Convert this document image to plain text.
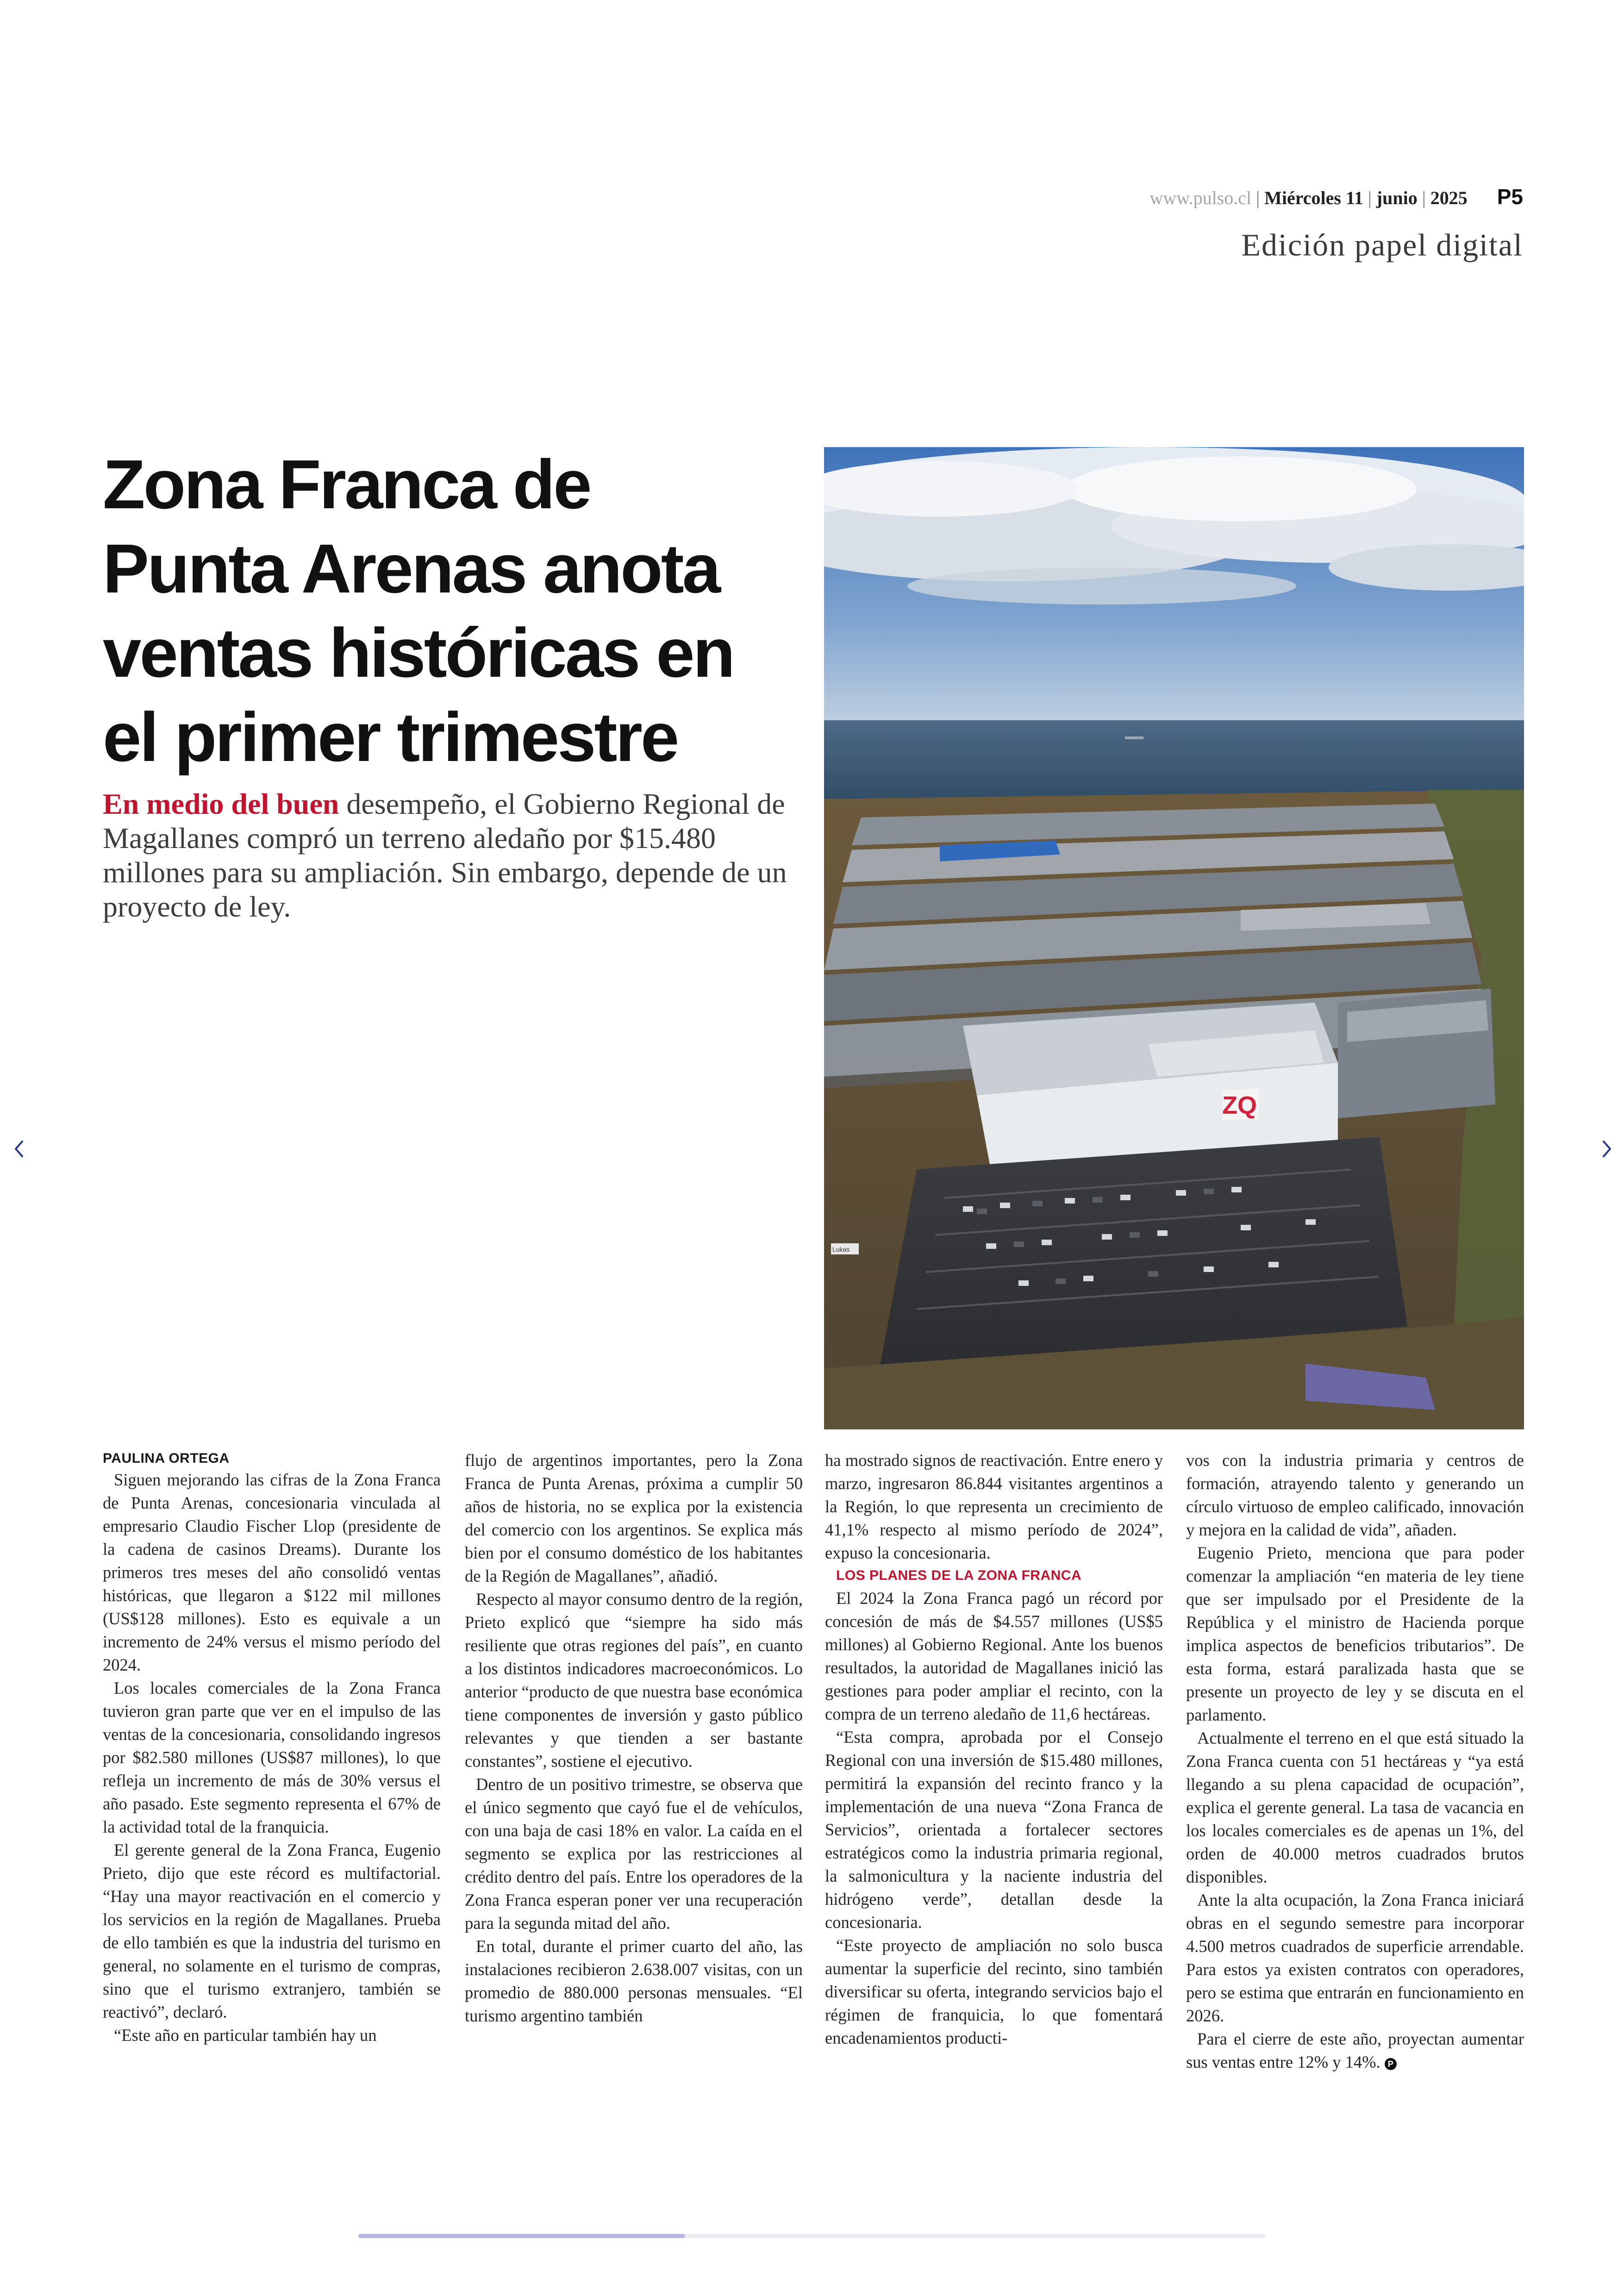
www.pulso.cl | Miércoles 11 | junio | 2025 P5
Edición papel digital
Zona Franca de
Punta Arenas anota
ventas históricas en
el primer trimestre
En medio del buen desempeño, el Gobierno Regional de Magallanes compró un terreno aledaño por $15.480 millones para su ampliación. Sin embargo, depende de un proyecto de ley.
ZQ
Lukas
PAULINA ORTEGA

Siguen mejorando las cifras de la Zona Franca de Punta Arenas, concesionaria vinculada al empresario Claudio Fischer Llop (presidente de la cadena de casinos Dreams). Durante los primeros tres meses del año consolidó ventas históricas, que llegaron a $122 mil millones (US$128 millones). Esto es equivale a un incremento de 24% versus el mismo período del 2024.

Los locales comerciales de la Zona Franca tuvieron gran parte que ver en el impulso de las ventas de la concesionaria, consolidando ingresos por $82.580 millones (US$87 millones), lo que refleja un incremento de más de 30% versus el año pasado. Este segmento representa el 67% de la actividad total de la franquicia.

El gerente general de la Zona Franca, Eugenio Prieto, dijo que este récord es multifactorial. “Hay una mayor reactivación en el comercio y los servicios en la región de Magallanes. Prueba de ello también es que la industria del turismo en general, no solamente en el turismo de compras, sino que el turismo extranjero, también se reactivó”, declaró.

“Este año en particular también hay un

flujo de argentinos importantes, pero la Zona Franca de Punta Arenas, próxima a cumplir 50 años de historia, no se explica por la existencia del comercio con los argentinos. Se explica más bien por el consumo doméstico de los habitantes de la Región de Magallanes”, añadió.

Respecto al mayor consumo dentro de la región, Prieto explicó que “siempre ha sido más resiliente que otras regiones del país”, en cuanto a los distintos indicadores macroeconómicos. Lo anterior “producto de que nuestra base económica tiene componentes de inversión y gasto público relevantes y que tienden a ser bastante constantes”, sostiene el ejecutivo.

Dentro de un positivo trimestre, se observa que el único segmento que cayó fue el de vehículos, con una baja de casi 18% en valor. La caída en el segmento se explica por las restricciones al crédito dentro del país. Entre los operadores de la Zona Franca esperan poner ver una recuperación para la segunda mitad del año.

En total, durante el primer cuarto del año, las instalaciones recibieron 2.638.007 visitas, con un promedio de 880.000 personas mensuales. “El turismo argentino también

ha mostrado signos de reactivación. Entre enero y marzo, ingresaron 86.844 visitantes argentinos a la Región, lo que representa un crecimiento de 41,1% respecto al mismo período de 2024”, expuso la concesionaria.

LOS PLANES DE LA ZONA FRANCA

El 2024 la Zona Franca pagó un récord por concesión de más de $4.557 millones (US$5 millones) al Gobierno Regional. Ante los buenos resultados, la autoridad de Magallanes inició las gestiones para poder ampliar el recinto, con la compra de un terreno aledaño de 11,6 hectáreas.

“Esta compra, aprobada por el Consejo Regional con una inversión de $15.480 millones, permitirá la expansión del recinto franco y la implementación de una nueva “Zona Franca de Servicios”, orientada a fortalecer sectores estratégicos como la industria primaria regional, la salmonicultura y la naciente industria del hidrógeno verde”, detallan desde la concesionaria.

“Este proyecto de ampliación no solo busca aumentar la superficie del recinto, sino también diversificar su oferta, integrando servicios bajo el régimen de franquicia, lo que fomentará encadenamientos producti-

vos con la industria primaria y centros de formación, atrayendo talento y generando un círculo virtuoso de empleo calificado, innovación y mejora en la calidad de vida”, añaden.

Eugenio Prieto, menciona que para poder comenzar la ampliación “en materia de ley tiene que ser impulsado por el Presidente de la República y el ministro de Hacienda porque implica aspectos de beneficios tributarios”. De esta forma, estará paralizada hasta que se presente un proyecto de ley y se discuta en el parlamento.

Actualmente el terreno en el que está situado la Zona Franca cuenta con 51 hectáreas y “ya está llegando a su plena capacidad de ocupación”, explica el gerente general. La tasa de vacancia en los locales comerciales es de apenas un 1%, del orden de 40.000 metros cuadrados brutos disponibles.

Ante la alta ocupación, la Zona Franca iniciará obras en el segundo semestre para incorporar 4.500 metros cuadrados de superficie arrendable. Para estos ya existen contratos con operadores, pero se estima que entrarán en funcionamiento en 2026.

Para el cierre de este año, proyectan aumentar sus ventas entre 12% y 14%. P
